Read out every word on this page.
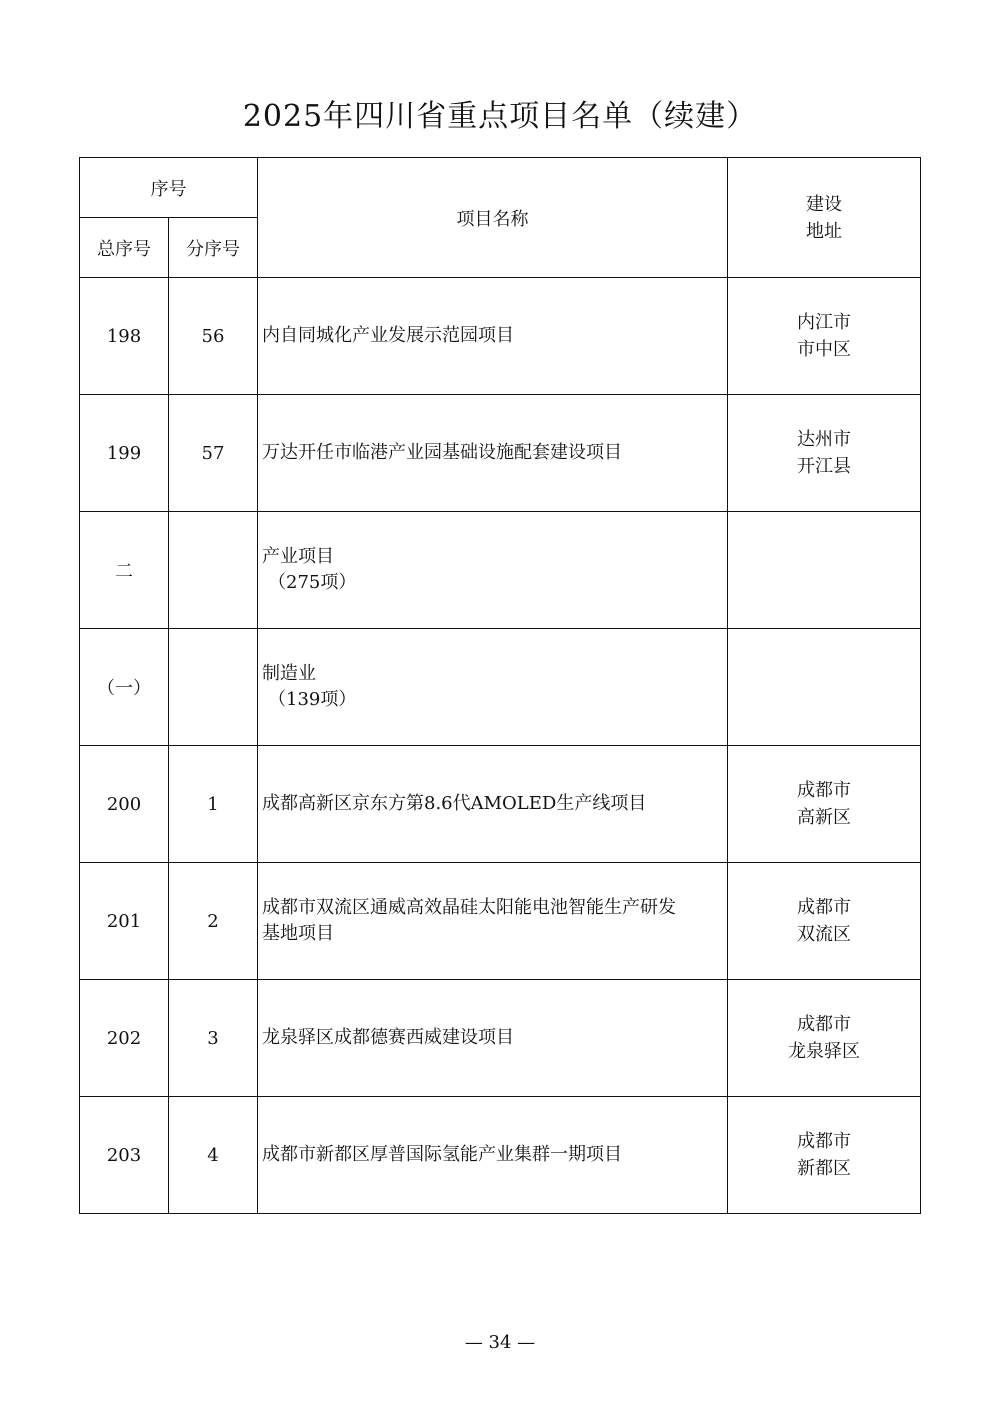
2025年四川省重点项目名单（续建）
序号		项目名称	建设
地址

总序号	分序号		
198	56	内自同城化产业发展示范园项目	内江市
市中区

199	57	万达开任市临港产业园基础设施配套建设项目	达州市
开江县

二		产业项目
（275项）	

（一）		制造业
（139项）	

200	1	成都高新区京东方第8.6代AMOLED生产线项目	成都市
高新区

201	2	成都市双流区通威高效晶硅太阳能电池智能生产研发
基地项目	成都市
双流区

202	3	龙泉驿区成都德赛西威建设项目	成都市
龙泉驿区

203	4	成都市新都区厚普国际氢能产业集群一期项目	成都市
新都区
— 34 —
